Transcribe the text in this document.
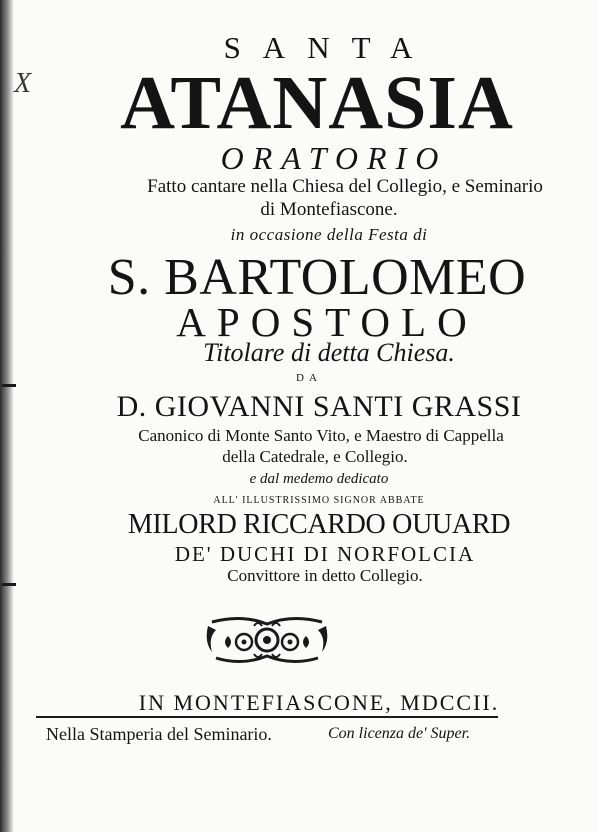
X
SANTA
ATANASIA
ORATORIO
Fatto cantare nella Chiesa del Collegio, e Seminario
di Montefiascone.
in occasione della Festa di
S. BARTOLOMEO
APOSTOLO
Titolare di detta Chiesa.
DA
D. GIOVANNI SANTI GRASSI
Canonico di Monte Santo Vito, e Maestro di Cappella
della Catedrale, e Collegio.
e dal medemo dedicato
ALL' ILLUSTRISSIMO SIGNOR ABBATE
MILORD RICCARDO OUUARD
DE' DUCHI DI NORFOLCIA
Convittore in detto Collegio.
IN MONTEFIASCONE, MDCCII.
Nella Stamperia del Seminario.	Con licenza de' Super.
